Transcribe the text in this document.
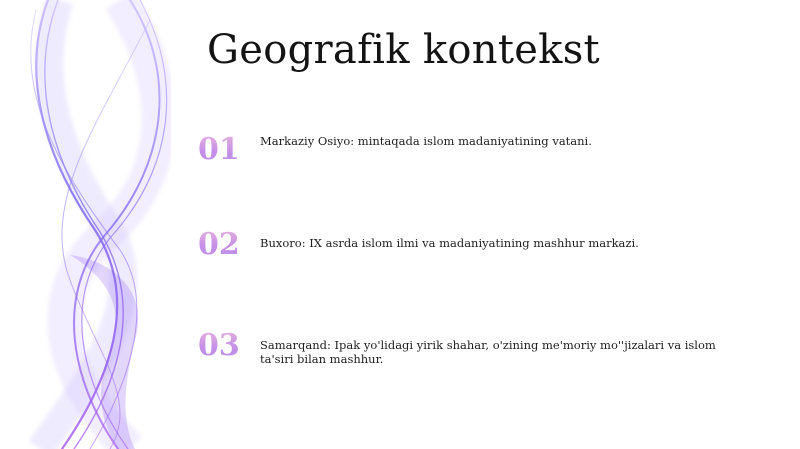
Geografik kontekst
01 Markaziy Osiyo: mintaqada islom madaniyatining vatani.
02 Buxoro: IX asrda islom ilmi va madaniyatining mashhur markazi.
03 Samarqand: Ipak yo'lidagi yirik shahar, o'zining me'moriy mo''jizalari va islom ta'siri bilan mashhur.
